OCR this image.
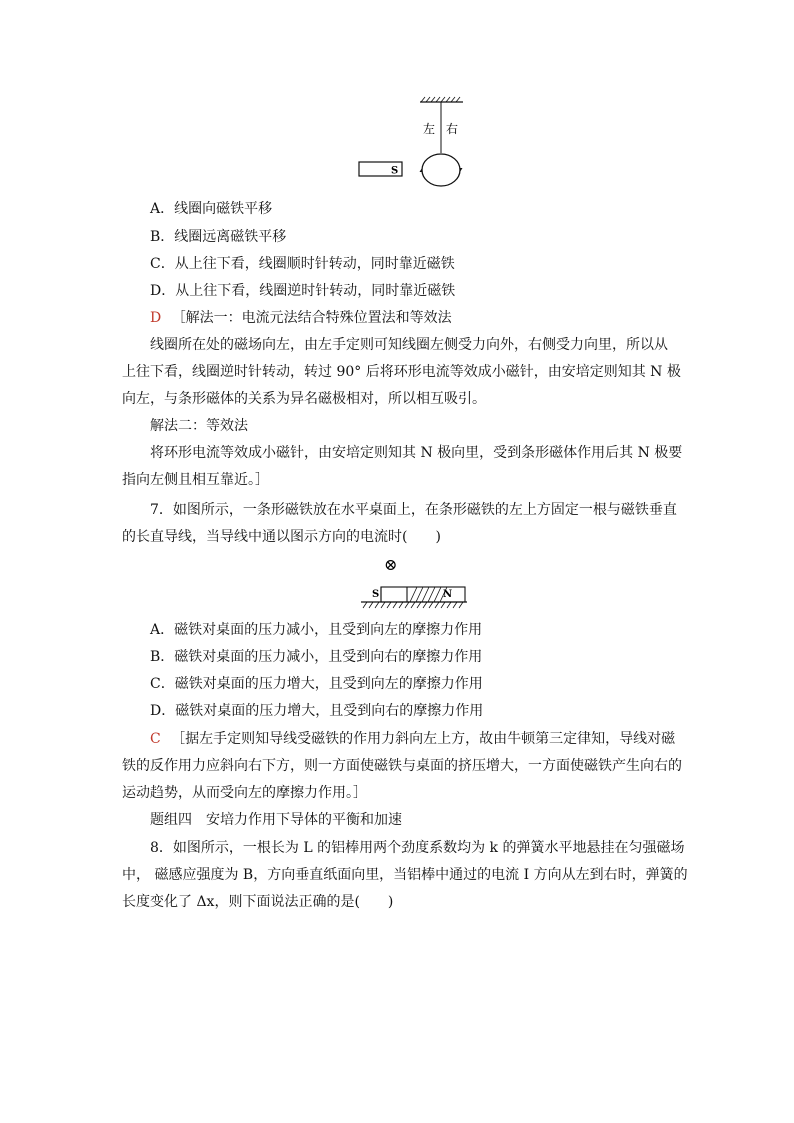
左 右
S
A．线圈向磁铁平移
B．线圈远离磁铁平移
C．从上往下看，线圈顺时针转动，同时靠近磁铁
D．从上往下看，线圈逆时针转动，同时靠近磁铁
D ［解法一：电流元法结合特殊位置法和等效法
线圈所在处的磁场向左，由左手定则可知线圈左侧受力向外，右侧受力向里，所以从
上往下看，线圈逆时针转动，转过 90° 后将环形电流等效成小磁针，由安培定则知其 N 极
向左，与条形磁体的关系为异名磁极相对，所以相互吸引。
解法二：等效法
将环形电流等效成小磁针，由安培定则知其 N 极向里，受到条形磁体作用后其 N 极要
指向左侧且相互靠近。］
7．如图所示，一条形磁铁放在水平桌面上，在条形磁铁的左上方固定一根与磁铁垂直
的长直导线，当导线中通以图示方向的电流时(　　)
⊗
S	N
A．磁铁对桌面的压力减小，且受到向左的摩擦力作用
B．磁铁对桌面的压力减小，且受到向右的摩擦力作用
C．磁铁对桌面的压力增大，且受到向左的摩擦力作用
D．磁铁对桌面的压力增大，且受到向右的摩擦力作用
C ［据左手定则知导线受磁铁的作用力斜向左上方，故由牛顿第三定律知，导线对磁
铁的反作用力应斜向右下方，则一方面使磁铁与桌面的挤压增大，一方面使磁铁产生向右的
运动趋势，从而受向左的摩擦力作用。］
题组四　安培力作用下导体的平衡和加速
8．如图所示，一根长为 L 的铝棒用两个劲度系数均为 k 的弹簧水平地悬挂在匀强磁场
中， 磁感应强度为 B，方向垂直纸面向里，当铝棒中通过的电流 I 方向从左到右时，弹簧的
长度变化了 Δx，则下面说法正确的是(　　)
